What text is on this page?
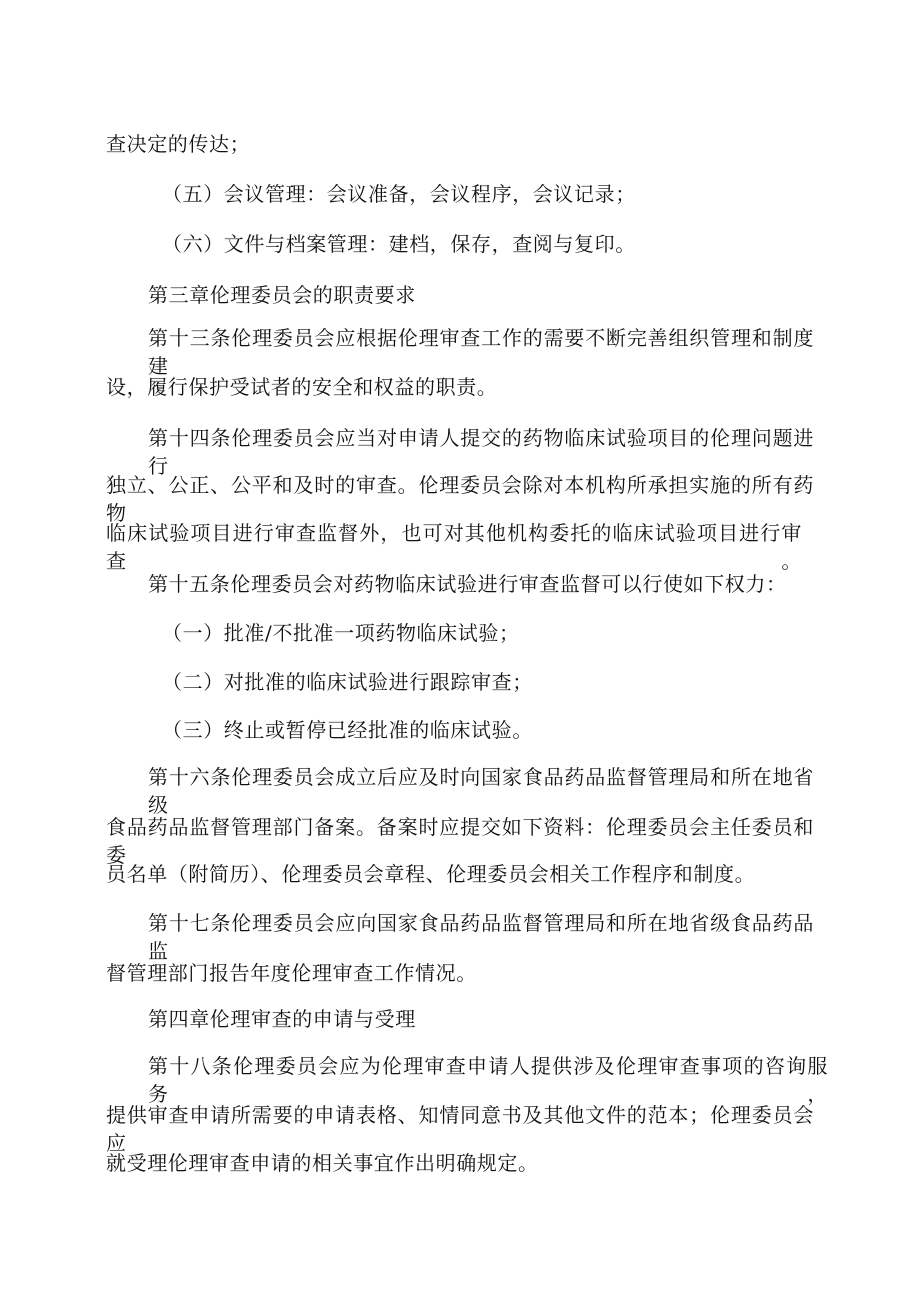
查决定的传达；
（五）会议管理：会议准备，会议程序，会议记录；
（六）文件与档案管理：建档，保存，查阅与复印。
第三章伦理委员会的职责要求
第十三条伦理委员会应根据伦理审查工作的需要不断完善组织管理和制度建
设，履行保护受试者的安全和权益的职责。
第十四条伦理委员会应当对申请人提交的药物临床试验项目的伦理问题进行
独立、公正、公平和及时的审查。伦理委员会除对本机构所承担实施的所有药物
临床试验项目进行审查监督外，也可对其他机构委托的临床试验项目进行审查。
第十五条伦理委员会对药物临床试验进行审查监督可以行使如下权力：
（一）批准/不批准一项药物临床试验；
（二）对批准的临床试验进行跟踪审查；
（三）终止或暂停已经批准的临床试验。
第十六条伦理委员会成立后应及时向国家食品药品监督管理局和所在地省级
食品药品监督管理部门备案。备案时应提交如下资料：伦理委员会主任委员和委
员名单（附简历）、伦理委员会章程、伦理委员会相关工作程序和制度。
第十七条伦理委员会应向国家食品药品监督管理局和所在地省级食品药品监
督管理部门报告年度伦理审查工作情况。
第四章伦理审查的申请与受理
第十八条伦理委员会应为伦理审查申请人提供涉及伦理审查事项的咨询服务，
提供审查申请所需要的申请表格、知情同意书及其他文件的范本；伦理委员会应
就受理伦理审查申请的相关事宜作出明确规定。
